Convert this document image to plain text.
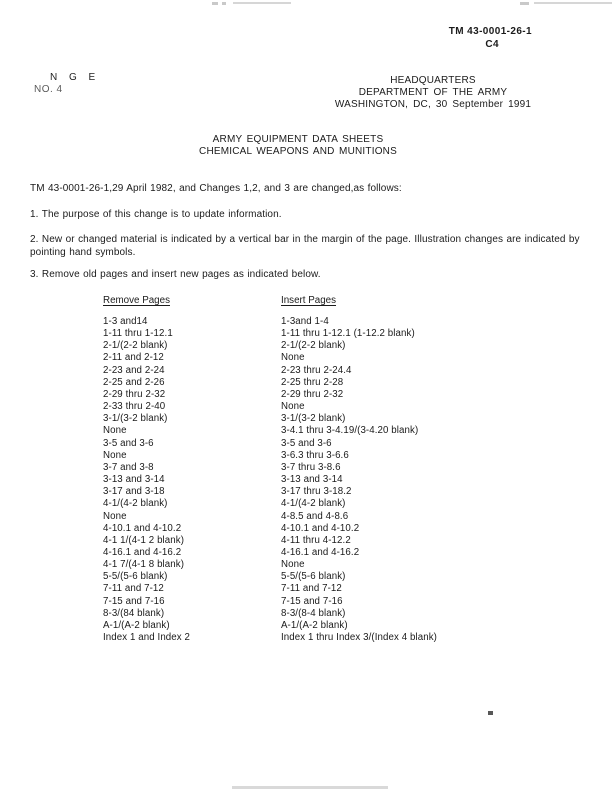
TM 43-0001-26-1
C4
N G E
NO. 4
HEADQUARTERS
DEPARTMENT OF THE ARMY
WASHINGTON, DC, 30 September 1991
ARMY EQUIPMENT DATA SHEETS
CHEMICAL WEAPONS AND MUNITIONS
TM 43-0001-26-1,29 April 1982, and Changes 1,2, and 3 are changed,as follows:
1. The purpose of this change is to update information.
2. New or changed material is indicated by a vertical bar in the margin of the page. Illustration changes are indicated by pointing hand symbols.
3. Remove old pages and insert new pages as indicated below.
Remove Pages	Insert Pages
1-3 and14	1-3and 1-4
1-11 thru 1-12.1	1-11 thru 1-12.1 (1-12.2 blank)
2-1/(2-2 blank)	2-1/(2-2 blank)
2-11 and 2-12	None
2-23 and 2-24	2-23 thru 2-24.4
2-25 and 2-26	2-25 thru 2-28
2-29 thru 2-32	2-29 thru 2-32
2-33 thru 2-40	None
3-1/(3-2 blank)	3-1/(3-2 blank)
None	3-4.1 thru 3-4.19/(3-4.20 blank)
3-5 and 3-6	3-5 and 3-6
None	3-6.3 thru 3-6.6
3-7 and 3-8	3-7 thru 3-8.6
3-13 and 3-14	3-13 and 3-14
3-17 and 3-18	3-17 thru 3-18.2
4-1/(4-2 blank)	4-1/(4-2 blank)
None	4-8.5 and 4-8.6
4-10.1 and 4-10.2	4-10.1 and 4-10.2
4-1 1/(4-1 2 blank)	4-11 thru 4-12.2
4-16.1 and 4-16.2	4-16.1 and 4-16.2
4-1 7/(4-1 8 blank)	None
5-5/(5-6 blank)	5-5/(5-6 blank)
7-11 and 7-12	7-11 and 7-12
7-15 and 7-16	7-15 and 7-16
8-3/(84 blank)	8-3/(8-4 blank)
A-1/(A-2 blank)	A-1/(A-2 blank)
Index 1 and Index 2	Index 1 thru Index 3/(Index 4 blank)
